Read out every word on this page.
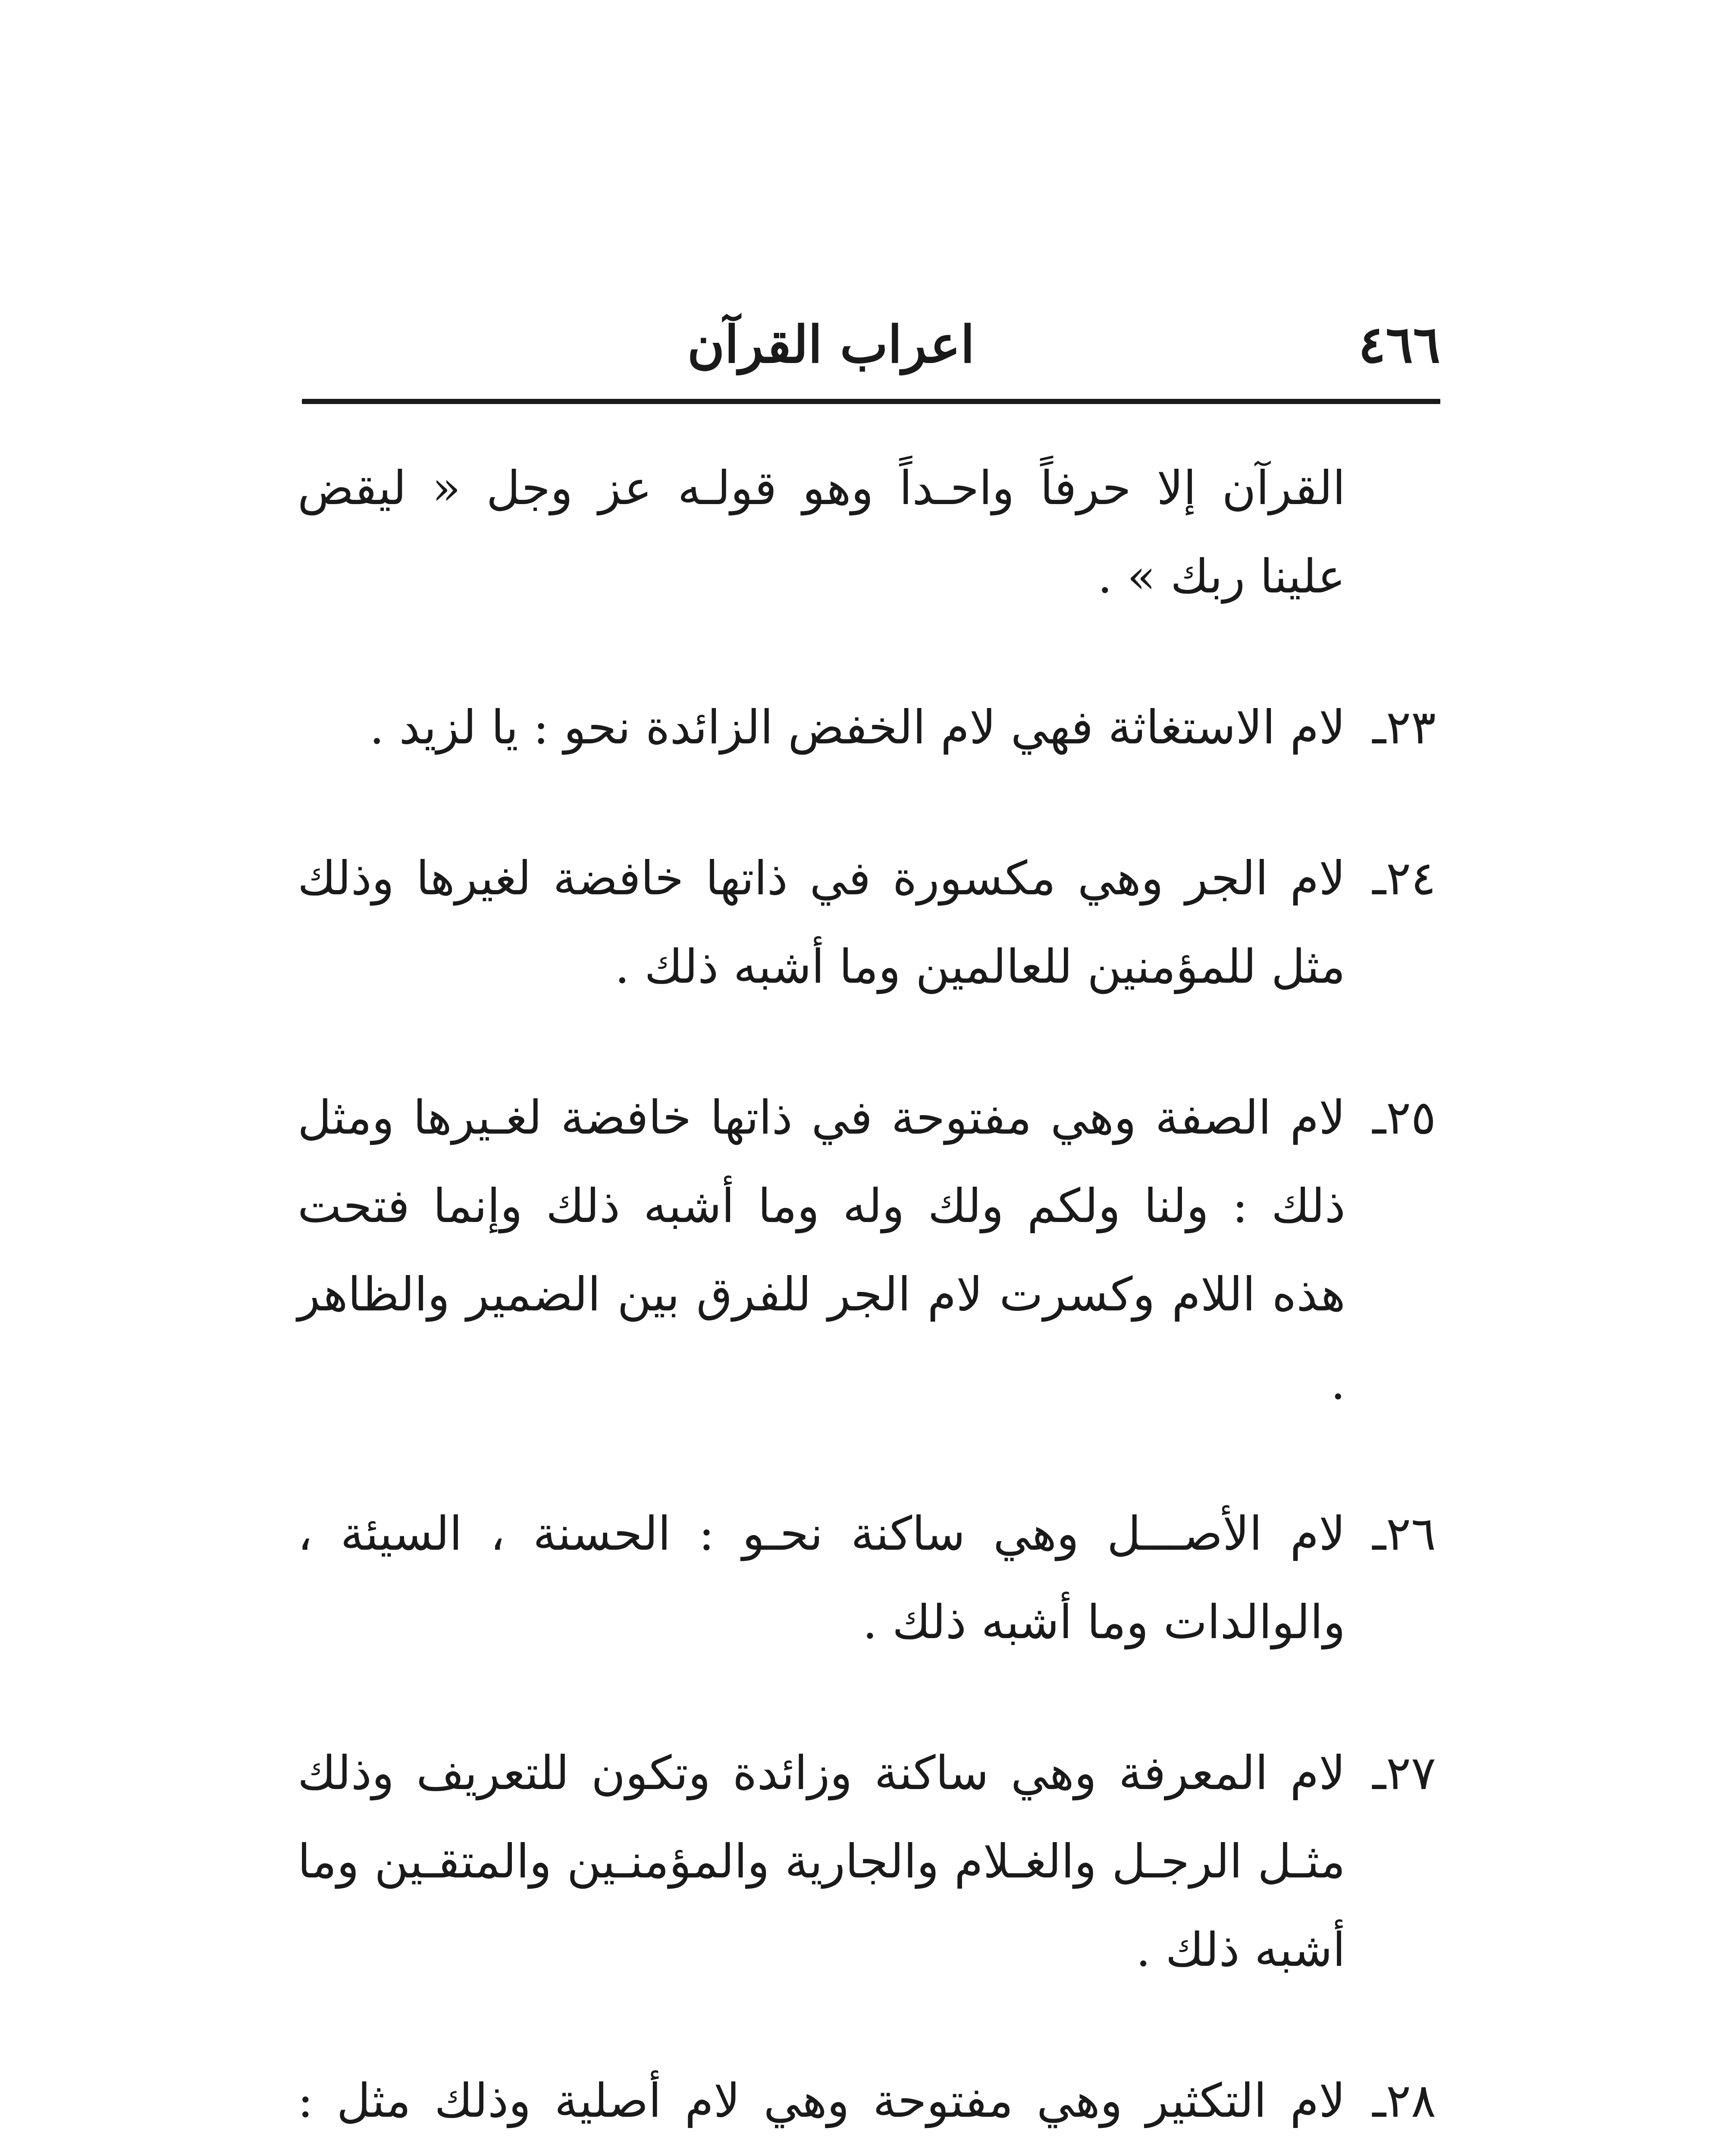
٤٦٦
اعراب القرآن

القرآن إلا حرفاً واحـداً وهو قولـه عز وجل « ليقض علينا ربك » .

٢٣ـ
لام الاستغاثة فهي لام الخفض الزائدة نحو : يا لزيد .

٢٤ـ
لام الجر وهي مكسورة في ذاتها خافضة لغيرها وذلك مثل للمؤمنين للعالمين وما أشبه ذلك .

٢٥ـ
لام الصفة وهي مفتوحة في ذاتها خافضة لغـيرها ومثل ذلك : ولنا ولكم ولك وله وما أشبه ذلك وإنما فتحت هذه اللام وكسرت لام الجر للفرق بين الضمير والظاهر .

٢٦ـ
لام الأصـــل وهي ساكنة نحـو : الحسنة ، السيئة ، والوالدات وما أشبه ذلك .

٢٧ـ
لام المعرفة وهي ساكنة وزائدة وتكون للتعريف وذلك مثـل الرجـل والغـلام والجارية والمؤمنـين والمتقـين وما أشبه ذلك .

٢٨ـ
لام التكثير وهي مفتوحة وهي لام أصلية وذلك مثل :
